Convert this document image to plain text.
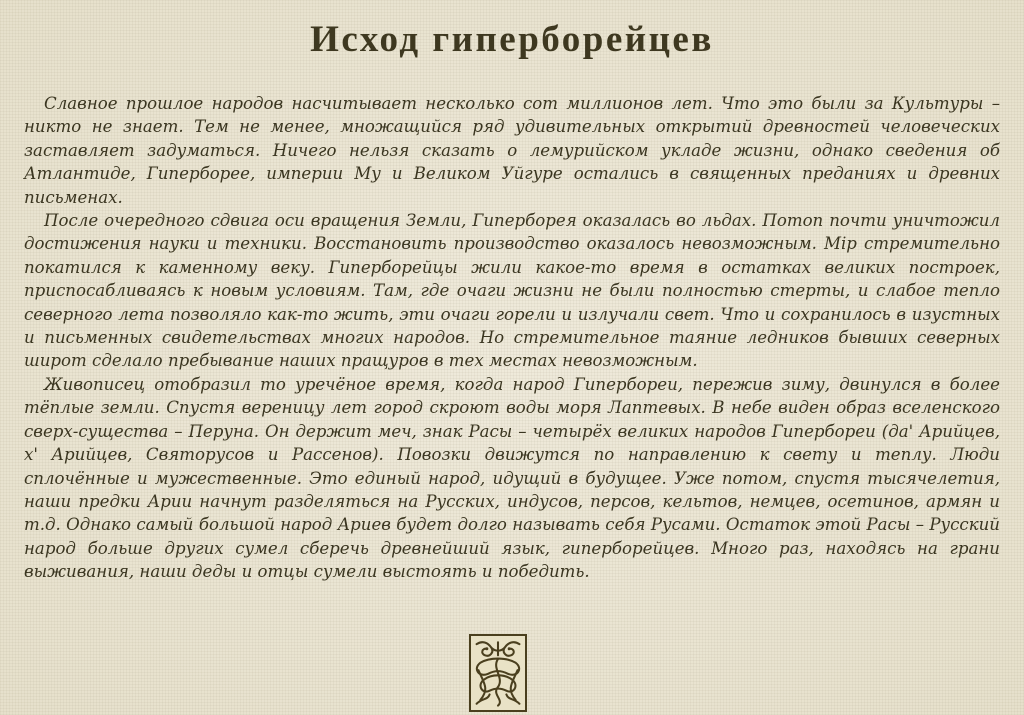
Исход гиперборейцев

Славное прошлое народов насчитывает несколько сот миллионов лет. Что это были за Культуры – никто не знает. Тем не менее, множащийся ряд удивительных открытий древностей человеческих заставляет задуматься. Ничего нельзя сказать о лемурийском укладе жизни, однако сведения об Атлантиде, Гиперборее, империи Му и Великом Уйгуре остались в священных преданиях и древних письменах.

После очередного сдвига оси вращения Земли, Гиперборея оказалась во льдах. Потоп почти уничтожил достижения науки и техники. Восстановить производство оказалось невозможным. Мiр стремительно покатился к каменному веку. Гиперборейцы жили какое-то время в остатках великих построек, приспосабливаясь к новым условиям. Там, где очаги жизни не были полностью стерты, и слабое тепло северного лета позволяло как-то жить, эти очаги горели и излучали свет. Что и сохранилось в изустных и письменных свидетельствах многих народов. Но стремительное таяние ледников бывших северных широт сделало пребывание наших пращуров в тех местах невозможным.

Живописец отобразил то уречёное время, когда народ Гипербореи, пережив зиму, двинулся в более тёплые земли. Спустя вереницу лет город скроют воды моря Лаптевых. В небе виден образ вселенского сверх-существа – Перуна. Он держит меч, знак Расы – четырёх великих народов Гипербореи (да' Арийцев, х' Арийцев, Святорусов и Рассенов). Повозки движутся по направлению к свету и теплу. Люди сплочённые и мужественные. Это единый народ, идущий в будущее. Уже потом, спустя тысячелетия, наши предки Арии начнут разделяться на Русских, индусов, персов, кельтов, немцев, осетинов, армян и т.д. Однако самый большой народ Ариев будет долго называть себя Русами. Остаток этой Расы – Русский народ больше других сумел сберечь древнейший язык, гиперборейцев. Много раз, находясь на грани выживания, наши деды и отцы сумели выстоять и победить.
